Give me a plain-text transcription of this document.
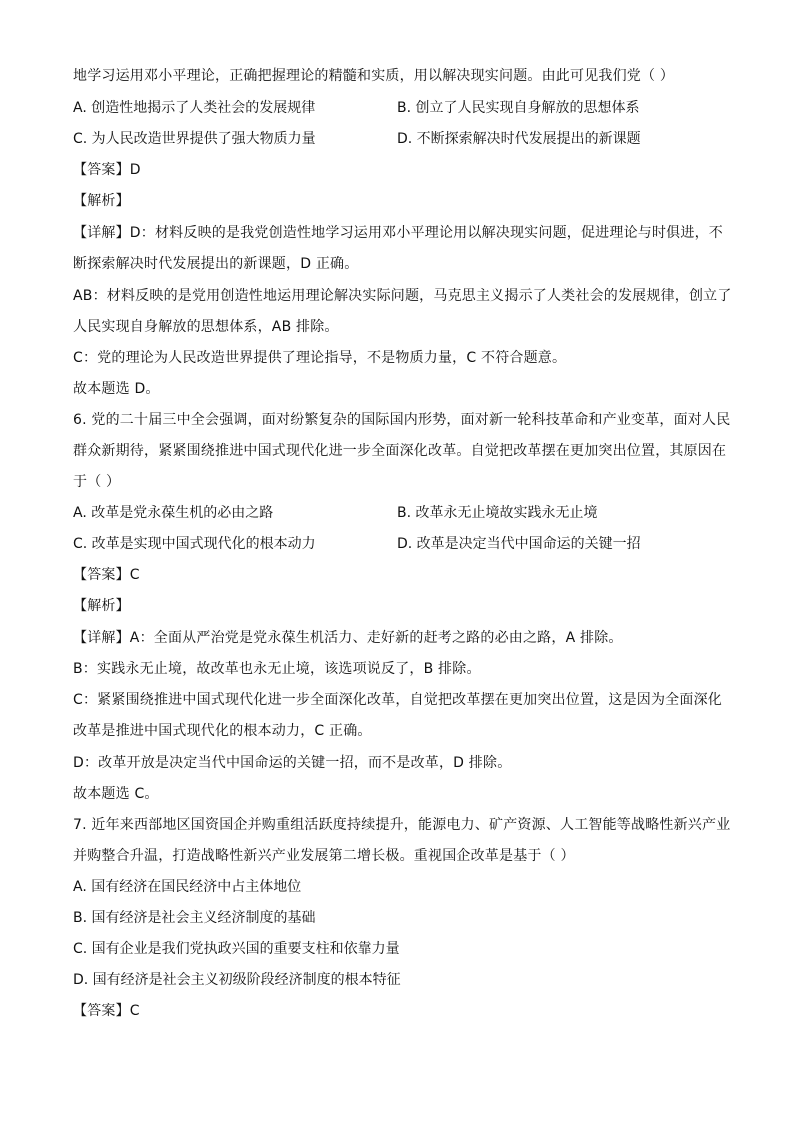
地学习运用邓小平理论，正确把握理论的精髓和实质，用以解决现实问题。由此可见我们党（ ）
A. 创造性地揭示了人类社会的发展规律	B. 创立了人民实现自身解放的思想体系
C. 为人民改造世界提供了强大物质力量	D. 不断探索解决时代发展提出的新课题
【答案】D
【解析】
【详解】D：材料反映的是我党创造性地学习运用邓小平理论用以解决现实问题，促进理论与时俱进，不
断探索解决时代发展提出的新课题，D 正确。
AB：材料反映的是党用创造性地运用理论解决实际问题，马克思主义揭示了人类社会的发展规律，创立了
人民实现自身解放的思想体系，AB 排除。
C：党的理论为人民改造世界提供了理论指导，不是物质力量，C 不符合题意。
故本题选 D。
6. 党的二十届三中全会强调，面对纷繁复杂的国际国内形势，面对新一轮科技革命和产业变革，面对人民
群众新期待，紧紧围绕推进中国式现代化进一步全面深化改革。自觉把改革摆在更加突出位置，其原因在
于（ ）
A. 改革是党永葆生机的必由之路	B. 改革永无止境故实践永无止境
C. 改革是实现中国式现代化的根本动力	D. 改革是决定当代中国命运的关键一招
【答案】C
【解析】
【详解】A：全面从严治党是党永葆生机活力、走好新的赶考之路的必由之路，A 排除。
B：实践永无止境，故改革也永无止境，该选项说反了，B 排除。
C：紧紧围绕推进中国式现代化进一步全面深化改革，自觉把改革摆在更加突出位置，这是因为全面深化
改革是推进中国式现代化的根本动力，C 正确。
D：改革开放是决定当代中国命运的关键一招，而不是改革，D 排除。
故本题选 C。
7. 近年来西部地区国资国企并购重组活跃度持续提升，能源电力、矿产资源、人工智能等战略性新兴产业
并购整合升温，打造战略性新兴产业发展第二增长极。重视国企改革是基于（ ）
A. 国有经济在国民经济中占主体地位
B. 国有经济是社会主义经济制度的基础
C. 国有企业是我们党执政兴国的重要支柱和依靠力量
D. 国有经济是社会主义初级阶段经济制度的根本特征
【答案】C
